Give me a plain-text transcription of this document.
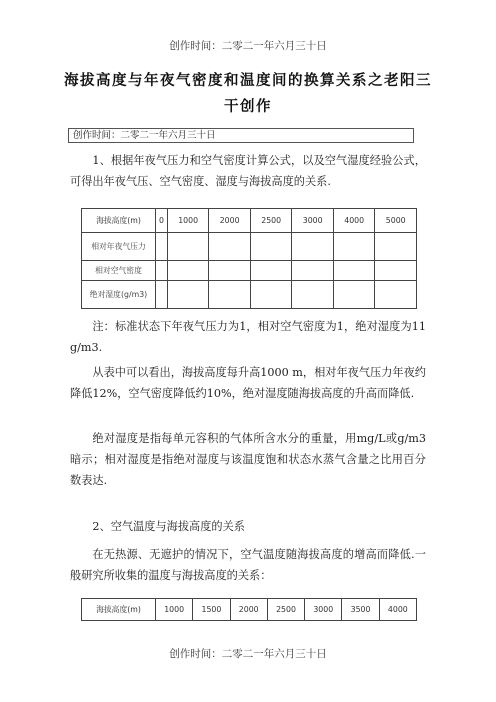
创作时间：二零二一年六月三十日
海拔高度与年夜气密度和温度间的换算关系之老阳三干创作
创作时间：二零二一年六月三十日
1、根据年夜气压力和空气密度计算公式，以及空气湿度经验公式，可得出年夜气压、空气密度、湿度与海拔高度的关系.
海拔高度(m)	0	1000	2000	2500	3000	4000	5000
相对年夜气压力							
相对空气密度							
绝对湿度(g/m3)							
注：标准状态下年夜气压力为1，相对空气密度为1，绝对湿度为11 g/m3.
从表中可以看出，海拔高度每升高1000 m，相对年夜气压力年夜约降低12%，空气密度降低约10%，绝对湿度随海拔高度的升高而降低.
绝对湿度是指每单元容积的气体所含水分的重量，用mg/L或g/m3暗示；相对湿度是指绝对湿度与该温度饱和状态水蒸气含量之比用百分数表达.
2、空气温度与海拔高度的关系
在无热源、无遮护的情况下，空气温度随海拔高度的增高而降低.一般研究所收集的温度与海拔高度的关系：
海拔高度(m)	1000	1500	2000	2500	3000	3500	4000
创作时间：二零二一年六月三十日
